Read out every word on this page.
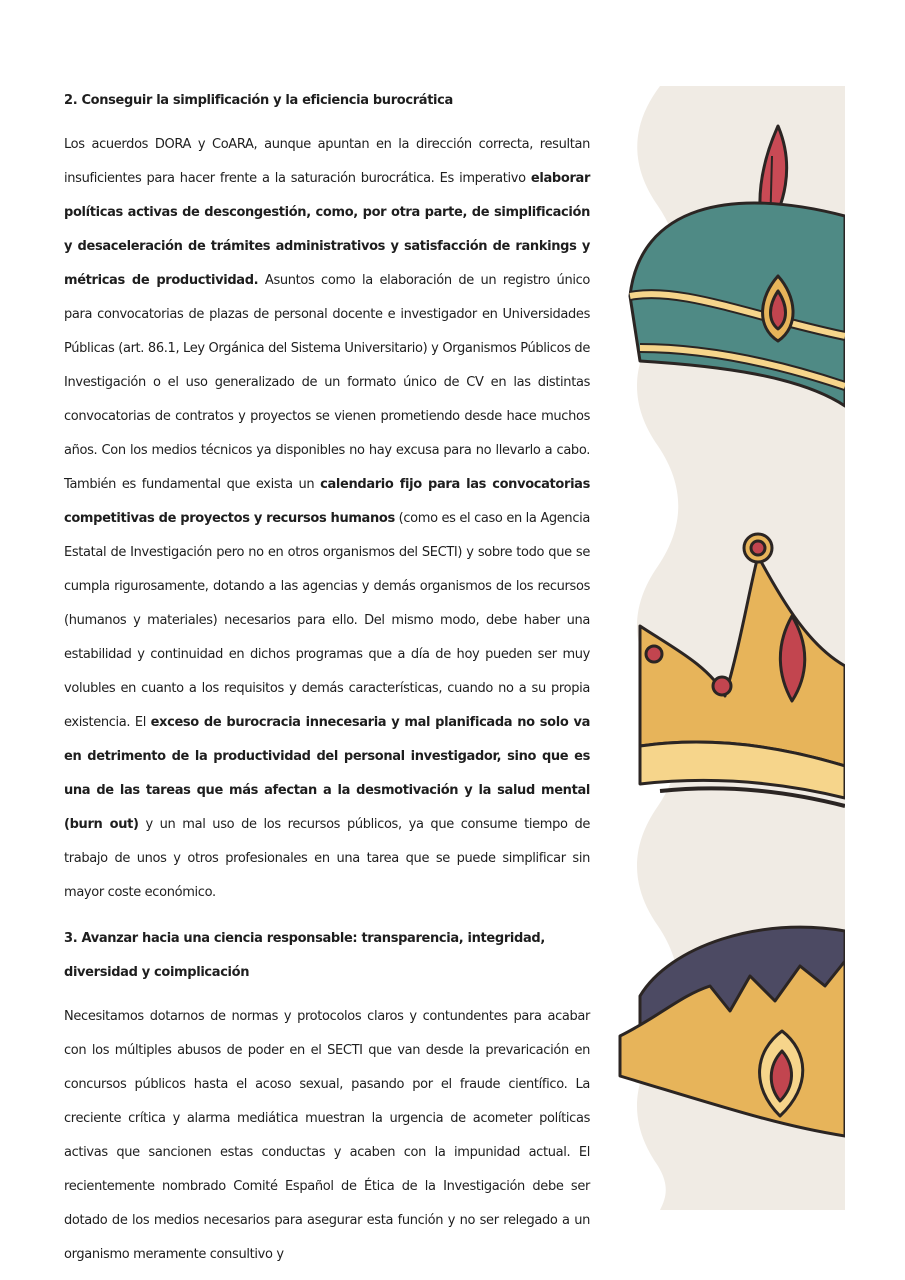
2. Conseguir la simplificación y la eficiencia burocrática

Los acuerdos DORA y CoARA, aunque apuntan en la dirección correcta, resultan insuficientes para hacer frente a la saturación burocrática. Es imperativo elaborar políticas activas de descongestión, como, por otra parte, de simplificación y desaceleración de trámites administrativos y satisfacción de rankings y métricas de productividad. Asuntos como la elaboración de un registro único para convocatorias de plazas de personal docente e investigador en Universidades Públicas (art. 86.1, Ley Orgánica del Sistema Universitario) y Organismos Públicos de Investigación o el uso generalizado de un formato único de CV en las distintas convocatorias de contratos y proyectos se vienen prometiendo desde hace muchos años. Con los medios técnicos ya disponibles no hay excusa para no llevarlo a cabo. También es fundamental que exista un calendario fijo para las convocatorias competitivas de proyectos y recursos humanos (como es el caso en la Agencia Estatal de Investigación pero no en otros organismos del SECTI) y sobre todo que se cumpla rigurosamente, dotando a las agencias y demás organismos de los recursos (humanos y materiales) necesarios para ello. Del mismo modo, debe haber una estabilidad y continuidad en dichos programas que a día de hoy pueden ser muy volubles en cuanto a los requisitos y demás características, cuando no a su propia existencia. El exceso de burocracia innecesaria y mal planificada no solo va en detrimento de la productividad del personal investigador, sino que es una de las tareas que más afectan a la desmotivación y la salud mental (burn out) y un mal uso de los recursos públicos, ya que consume tiempo de trabajo de unos y otros profesionales en una tarea que se puede simplificar sin mayor coste económico.

3. Avanzar hacia una ciencia responsable: transparencia, integridad, diversidad y coimplicación

Necesitamos dotarnos de normas y protocolos claros y contundentes para acabar con los múltiples abusos de poder en el SECTI que van desde la prevaricación en concursos públicos hasta el acoso sexual, pasando por el fraude científico. La creciente crítica y alarma mediática muestran la urgencia de acometer políticas activas que sancionen estas conductas y acaben con la impunidad actual. El recientemente nombrado Comité Español de Ética de la Investigación debe ser dotado de los medios necesarios para asegurar esta función y no ser relegado a un organismo meramente consultivo y
